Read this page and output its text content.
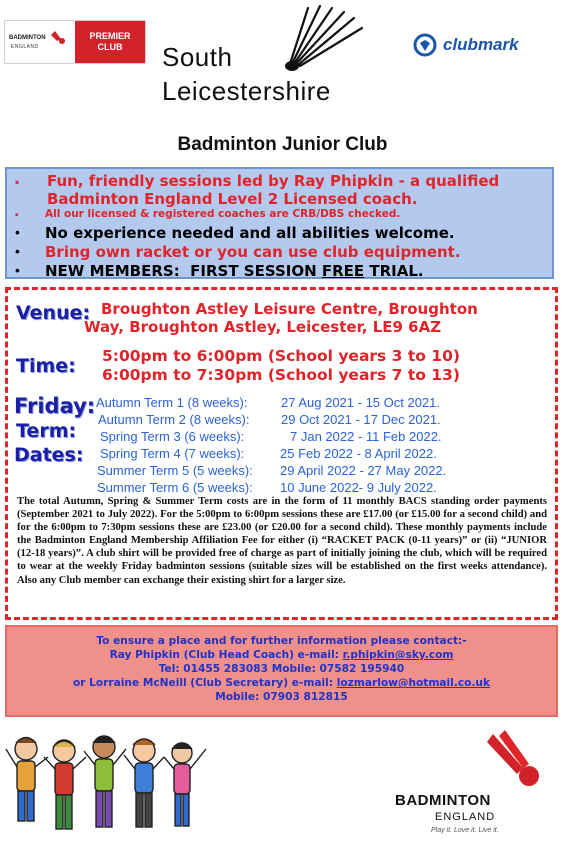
BADMINTON
ENGLAND
PREMIER
CLUB	South
Leicestershire
clubmark
Badminton Junior Club
▪ Fun, friendly sessions led by Ray Phipkin - a qualified
Badminton England Level 2 Licensed coach.
▪	All our licensed & registered coaches are CRB/DBS checked.
• No experience needed and all abilities welcome.
• Bring own racket or you can use club equipment.
• NEW MEMBERS:  FIRST SESSION FREE TRIAL.
Venue: Broughton Astley Leisure Centre, Broughton
Way, Broughton Astley, Leicester, LE9 6AZ
Time: 5:00pm to 6:00pm (School years 3 to 10)
6:00pm to 7:30pm (School years 7 to 13)
Friday:
Term:
Dates:
Autumn Term 1 (8 weeks):	27 Aug 2021 - 15 Oct 2021.
Autumn Term 2 (8 weeks): 29 Oct 2021 - 17 Dec 2021.
Spring Term 3 (6 weeks):	7 Jan 2022 - 11 Feb 2022.
Spring Term 4 (7 weeks):	25 Feb 2022 - 8 April 2022.
Summer Term 5 (5 weeks): 29 April 2022 - 27 May 2022.
Summer Term 6 (5 weeks): 10 June 2022- 9 July 2022.
The total Autumn, Spring & Summer Term costs are in the form of 11 monthly BACS standing order payments (September 2021 to July 2022). For the 5:00pm to 6:00pm sessions these are £17.00 (or £15.00 for a second child) and for the 6:00pm to 7:30pm sessions these are £23.00 (or £20.00 for a second child). These monthly payments include the Badminton England Membership Affiliation Fee for either (i) “RACKET PACK (0-11 years)” or (ii) “JUNIOR (12-18 years)”. A club shirt will be provided free of charge as part of initially joining the club, which will be required to wear at the weekly Friday badminton sessions (suitable sizes will be established on the first weeks attendance). Also any Club member can exchange their existing shirt for a larger size.
To ensure a place and for further information please contact:-
Ray Phipkin (Club Head Coach) e-mail: r.phipkin@sky.com
Tel: 01455 283083 Mobile: 07582 195940
or Lorraine McNeill (Club Secretary) e-mail: lozmarlow@hotmail.co.uk
Mobile: 07903 812815
BADMINTON
ENGLAND
Play it. Love it. Live it.
